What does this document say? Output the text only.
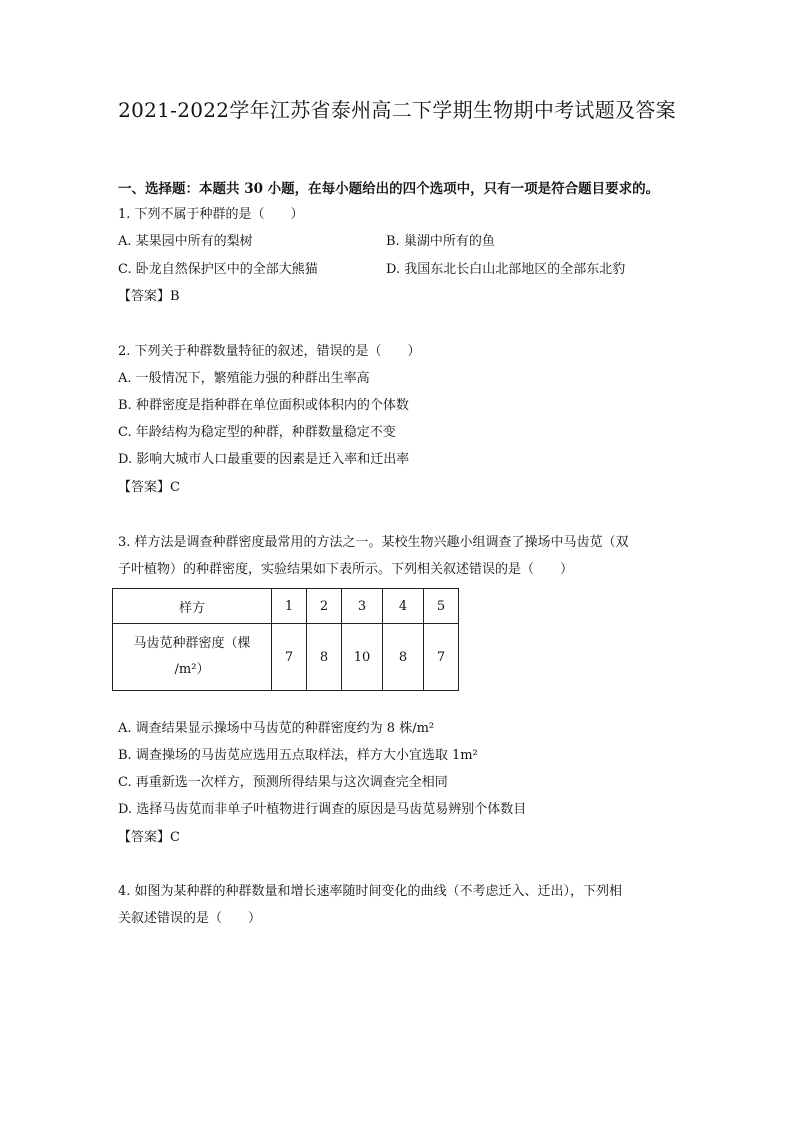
2021-2022学年江苏省泰州高二下学期生物期中考试题及答案
一、选择题：本题共 30 小题，在每小题给出的四个选项中，只有一项是符合题目要求的。
1. 下列不属于种群的是（　　）
A. 某果园中所有的梨树	B. 巢湖中所有的鱼
C. 卧龙自然保护区中的全部大熊猫	D. 我国东北长白山北部地区的全部东北豹
【答案】B
2. 下列关于种群数量特征的叙述，错误的是（　　）
A. 一般情况下，繁殖能力强的种群出生率高
B. 种群密度是指种群在单位面积或体积内的个体数
C. 年龄结构为稳定型的种群，种群数量稳定不变
D. 影响大城市人口最重要的因素是迁入率和迁出率
【答案】C
3. 样方法是调查种群密度最常用的方法之一。某校生物兴趣小组调查了操场中马齿苋（双
子叶植物）的种群密度，实验结果如下表所示。下列相关叙述错误的是（　　）
样方	1	2	3	4	5

马齿苋种群密度（棵
/m²）	7	8	10	8	7
A. 调查结果显示操场中马齿苋的种群密度约为 8 株/m²
B. 调查操场的马齿苋应选用五点取样法，样方大小宜选取 1m²
C. 再重新选一次样方，预测所得结果与这次调查完全相同
D. 选择马齿苋而非单子叶植物进行调查的原因是马齿苋易辨别个体数目
【答案】C
4. 如图为某种群的种群数量和增长速率随时间变化的曲线（不考虑迁入、迁出），下列相
关叙述错误的是（　　）
